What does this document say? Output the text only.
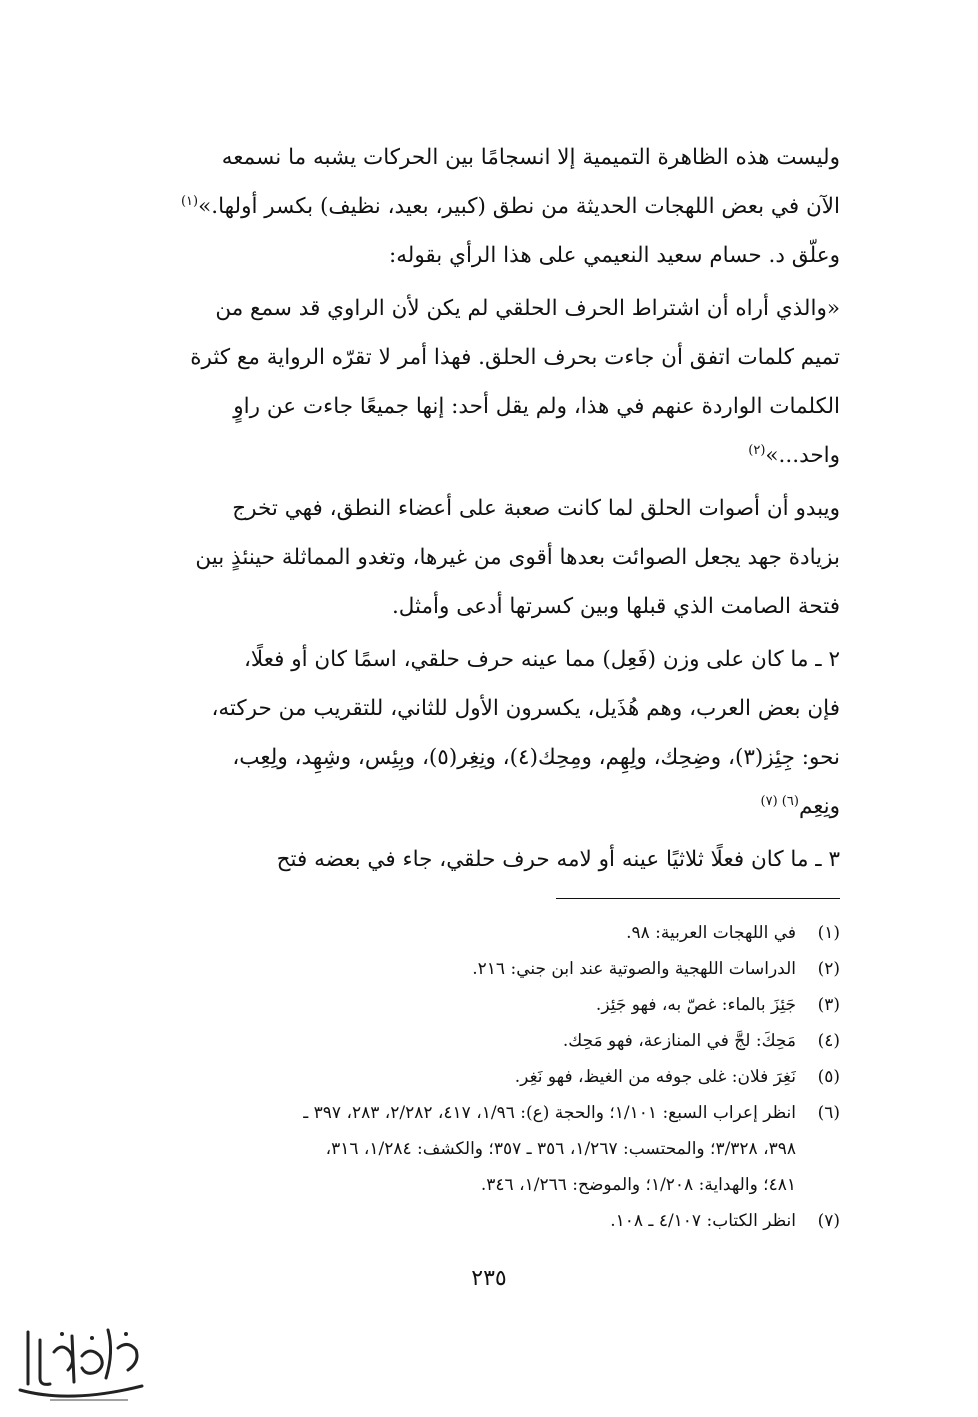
وليست هذه الظاهرة التميمية إلا انسجامًا بين الحركات يشبه ما نسمعه
الآن في بعض اللهجات الحديثة من نطق (كبير، بعيد، نظيف) بكسر أولها.»$^{(١)}$

وعلّق د. حسام سعيد النعيمي على هذا الرأي بقوله:

«والذي أراه أن اشتراط الحرف الحلقي لم يكن لأن الراوي قد سمع من
تميم كلمات اتفق أن جاءت بحرف الحلق. فهذا أمر لا تقرّه الرواية مع كثرة
الكلمات الواردة عنهم في هذا، ولم يقل أحد: إنها جميعًا جاءت عن راوٍ
واحد...»$^{(٢)}$

ويبدو أن أصوات الحلق لما كانت صعبة على أعضاء النطق، فهي تخرج
بزيادة جهد يجعل الصوائت بعدها أقوى من غيرها، وتغدو المماثلة حينئذٍ بين
فتحة الصامت الذي قبلها وبين كسرتها أدعى وأمثل.

٢ ـ ما كان على وزن (فَعِل) مما عينه حرف حلقي، اسمًا كان أو فعلًا،

فإن بعض العرب، وهم هُذَيل، يكسرون الأول للثاني، للتقريب من حركته،
نحو: جِئِز(٣)، وضِحِك، ولِهِم، ومِحِك(٤)، ونِغِر(٥)، وبِئِس، وشِهِد، ولِعِب،
ونِعِم$^{(٦) (٧)}$

٣ ـ ما كان فعلًا ثلاثيًا عينه أو لامه حرف حلقي، جاء في بعضه فتح

(١)
في اللهجات العربية: ٩٨.
(٢)
الدراسات اللهجية والصوتية عند ابن جني: ٢١٦.
(٣)
جَئِزَ بالماء: غصّ به، فهو جَئِز.
(٤)
مَحِكَ: لجَّ في المنازعة، فهو مَحِك.
(٥)
نَغِرَ فلان: غلى جوفه من الغيظ، فهو نَغِر.
(٦)
انظر إعراب السبع: ١/١٠١؛ والحجة (ع): ١/٩٦، ٤١٧، ٢/٢٨٢، ٢٨٣، ٣٩٧ ـ
٣٩٨، ٣/٣٢٨؛ والمحتسب: ١/٢٦٧، ٣٥٦ ـ ٣٥٧؛ والكشف: ١/٢٨٤، ٣١٦،
٤٨١؛ والهداية: ١/٢٠٨؛ والموضح: ١/٢٦٦، ٣٤٦.
(٧)
انظر الكتاب: ٤/١٠٧ ـ ١٠٨.
٢٣٥
